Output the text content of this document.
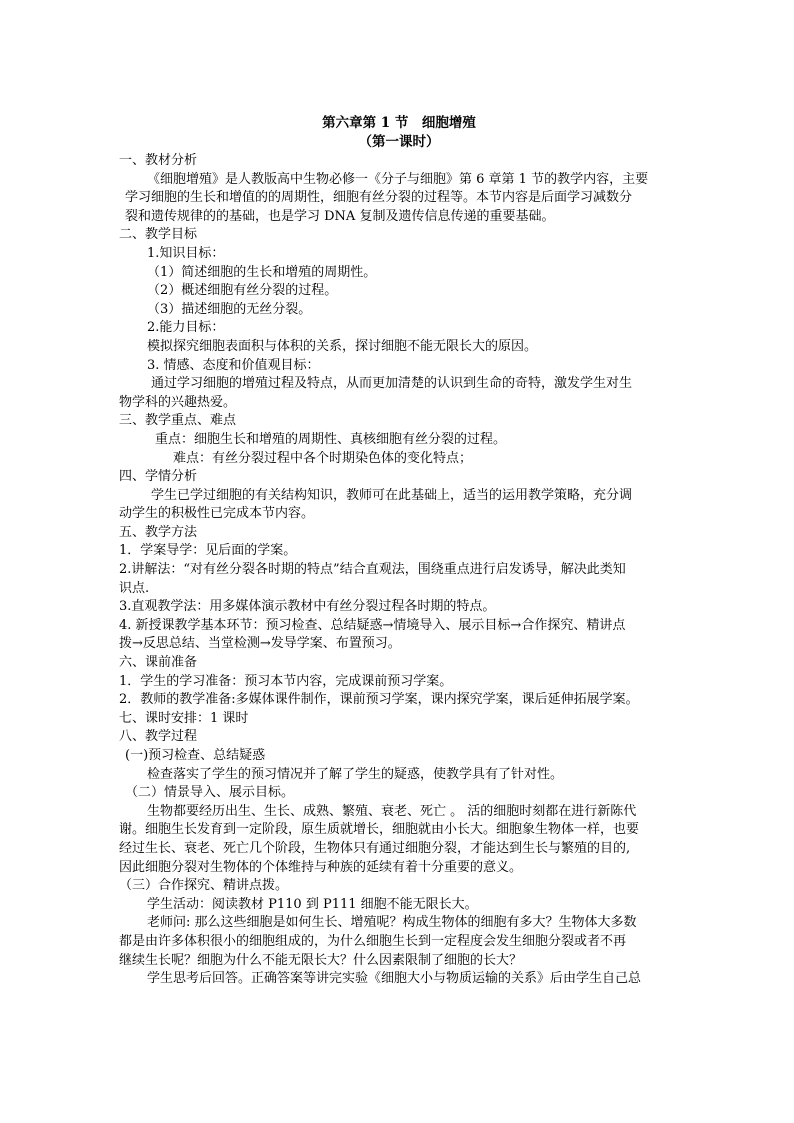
第六章第 1 节　细胞增殖
（第一课时）
一、教材分析
《细胞增殖》是人教版高中生物必修一《分子与细胞》第 6 章第 1 节的教学内容，主要
学习细胞的生长和增值的的周期性，细胞有丝分裂的过程等。本节内容是后面学习减数分
裂和遗传规律的的基础，也是学习 DNA 复制及遗传信息传递的重要基础。
二、教学目标
1.知识目标：
（1）简述细胞的生长和增殖的周期性。
（2）概述细胞有丝分裂的过程。
（3）描述细胞的无丝分裂。
2.能力目标：
模拟探究细胞表面积与体积的关系，探讨细胞不能无限长大的原因。
3. 情感、态度和价值观目标：
通过学习细胞的增殖过程及特点，从而更加清楚的认识到生命的奇特，激发学生对生
物学科的兴趣热爱。
三、教学重点、难点
重点：细胞生长和增殖的周期性、真核细胞有丝分裂的过程。
难点：有丝分裂过程中各个时期染色体的变化特点；
四、学情分析
学生已学过细胞的有关结构知识，教师可在此基础上，适当的运用教学策略，充分调
动学生的积极性已完成本节内容。
五、教学方法
1．学案导学：见后面的学案。
2.讲解法：“对有丝分裂各时期的特点”结合直观法，围绕重点进行启发诱导，解决此类知
识点.
3.直观教学法：用多媒体演示教材中有丝分裂过程各时期的特点。
4. 新授课教学基本环节：预习检查、总结疑惑→情境导入、展示目标→合作探究、精讲点
拨→反思总结、当堂检测→发导学案、布置预习。
六、课前准备
1．学生的学习准备：预习本节内容，完成课前预习学案。
2．教师的教学准备:多媒体课件制作，课前预习学案，课内探究学案，课后延伸拓展学案。
七、课时安排：1 课时
八、教学过程
(一)预习检查、总结疑惑
检查落实了学生的预习情况并了解了学生的疑惑，使教学具有了针对性。
（二）情景导入、展示目标。
生物都要经历出生、生长、成熟、繁殖、衰老、死亡 。 活的细胞时刻都在进行新陈代
谢。细胞生长发育到一定阶段，原生质就增长，细胞就由小长大。细胞象生物体一样，也要
经过生长、衰老、死亡几个阶段，生物体只有通过细胞分裂，才能达到生长与繁殖的目的,
因此细胞分裂对生物体的个体维持与种族的延续有着十分重要的意义。
（三）合作探究、精讲点拨。
学生活动：阅读教材 P110 到 P111 细胞不能无限长大。
老师问: 那么这些细胞是如何生长、增殖呢？构成生物体的细胞有多大？生物体大多数
都是由许多体积很小的细胞组成的，为什么细胞生长到一定程度会发生细胞分裂或者不再
继续生长呢？细胞为什么不能无限长大？什么因素限制了细胞的长大？
学生思考后回答。正确答案等讲完实验《细胞大小与物质运输的关系》后由学生自己总
